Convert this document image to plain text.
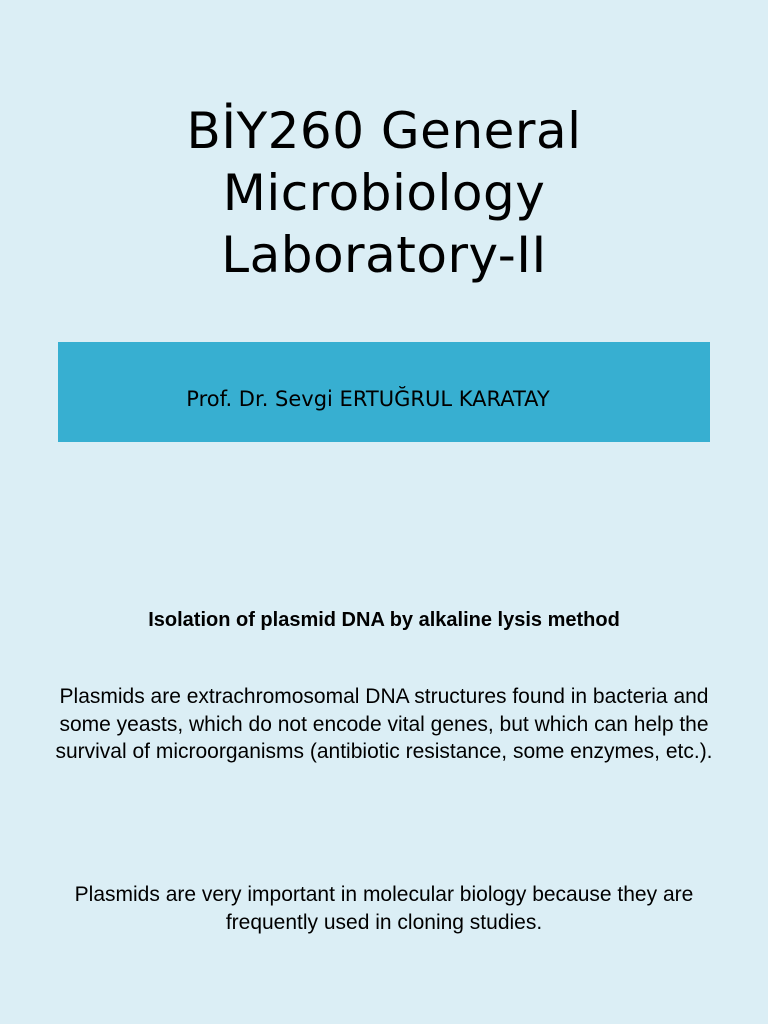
BİY260 General
Microbiology
Laboratory-II
Prof. Dr. Sevgi ERTUĞRUL KARATAY
Isolation of plasmid DNA by alkaline lysis method
Plasmids are extrachromosomal DNA structures found in bacteria and some yeasts, which do not encode vital genes, but which can help the survival of microorganisms (antibiotic resistance, some enzymes, etc.).
Plasmids are very important in molecular biology because they are frequently used in cloning studies.
